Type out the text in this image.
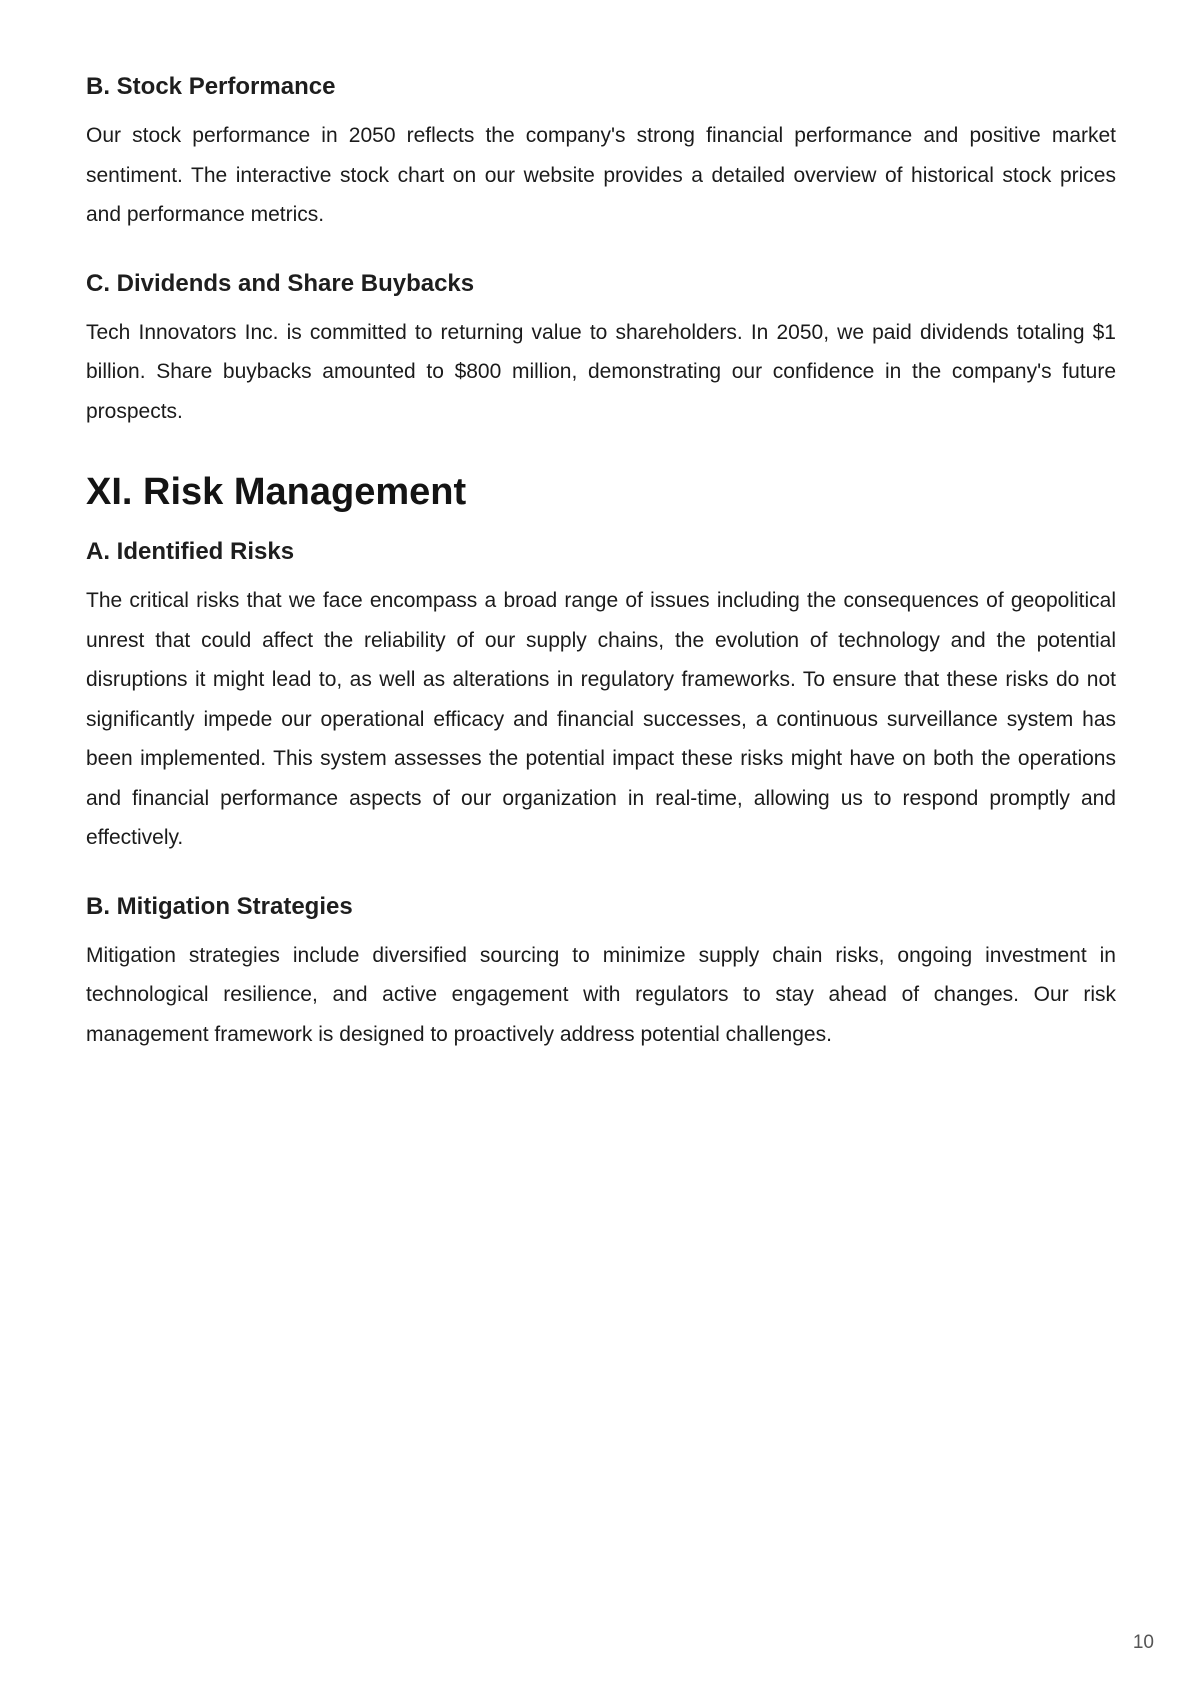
B. Stock Performance

Our stock performance in 2050 reflects the company's strong financial performance and positive market sentiment. The interactive stock chart on our website provides a detailed overview of historical stock prices and performance metrics.

C. Dividends and Share Buybacks

Tech Innovators Inc. is committed to returning value to shareholders. In 2050, we paid dividends totaling $1 billion. Share buybacks amounted to $800 million, demonstrating our confidence in the company's future prospects.

XI. Risk Management
A. Identified Risks

The critical risks that we face encompass a broad range of issues including the consequences of geopolitical unrest that could affect the reliability of our supply chains, the evolution of technology and the potential disruptions it might lead to, as well as alterations in regulatory frameworks. To ensure that these risks do not significantly impede our operational efficacy and financial successes, a continuous surveillance system has been implemented. This system assesses the potential impact these risks might have on both the operations and financial performance aspects of our organization in real-time, allowing us to respond promptly and effectively.

B. Mitigation Strategies

Mitigation strategies include diversified sourcing to minimize supply chain risks, ongoing investment in technological resilience, and active engagement with regulators to stay ahead of changes. Our risk management framework is designed to proactively address potential challenges.

10
